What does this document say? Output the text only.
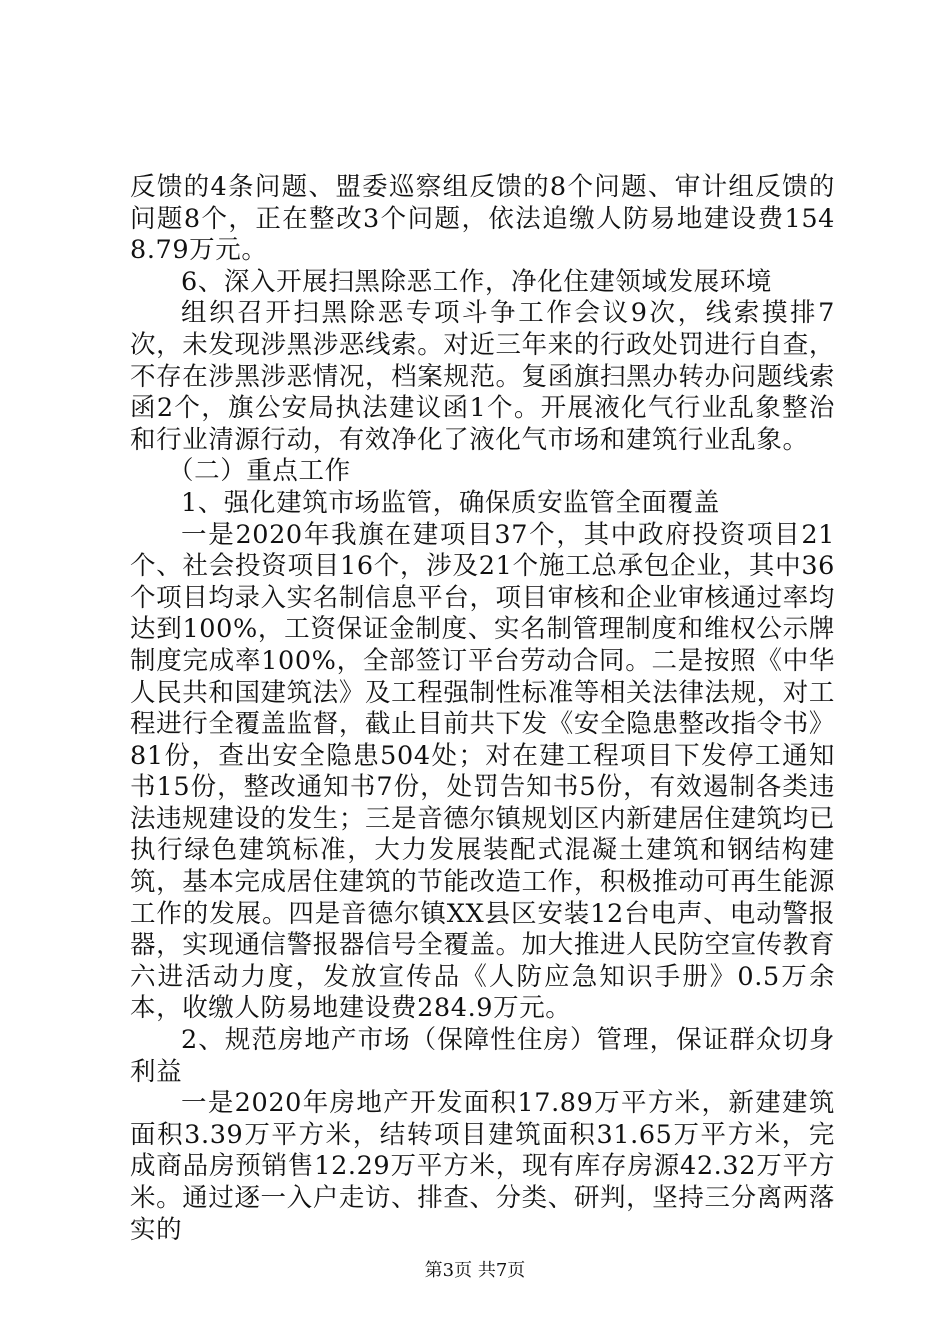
反馈的4条问题、盟委巡察组反馈的8个问题、审计组反馈的问题8个，正在整改3个问题，依法追缴人防易地建设费1548.79万元。

6、深入开展扫黑除恶工作，净化住建领域发展环境

组织召开扫黑除恶专项斗争工作会议9次，线索摸排7次，未发现涉黑涉恶线索。对近三年来的行政处罚进行自查，不存在涉黑涉恶情况，档案规范。复函旗扫黑办转办问题线索函2个，旗公安局执法建议函1个。开展液化气行业乱象整治和行业清源行动，有效净化了液化气市场和建筑行业乱象。

（二）重点工作

1、强化建筑市场监管，确保质安监管全面覆盖

一是2020年我旗在建项目37个，其中政府投资项目21个、社会投资项目16个，涉及21个施工总承包企业，其中36个项目均录入实名制信息平台，项目审核和企业审核通过率均达到100%，工资保证金制度、实名制管理制度和维权公示牌制度完成率100%，全部签订平台劳动合同。二是按照《中华人民共和国建筑法》及工程强制性标准等相关法律法规，对工程进行全覆盖监督，截止目前共下发《安全隐患整改指令书》81份，查出安全隐患504处；对在建工程项目下发停工通知书15份，整改通知书7份，处罚告知书5份，有效遏制各类违法违规建设的发生；三是音德尔镇规划区内新建居住建筑均已执行绿色建筑标准，大力发展装配式混凝土建筑和钢结构建筑，基本完成居住建筑的节能改造工作，积极推动可再生能源工作的发展。四是音德尔镇XX县区安装12台电声、电动警报器，实现通信警报器信号全覆盖。加大推进人民防空宣传教育六进活动力度，发放宣传品《人防应急知识手册》0.5万余本，收缴人防易地建设费284.9万元。

2、规范房地产市场（保障性住房）管理，保证群众切身利益

一是2020年房地产开发面积17.89万平方米，新建建筑面积3.39万平方米，结转项目建筑面积31.65万平方米，完成商品房预销售12.29万平方米，现有库存房源42.32万平方米。通过逐一入户走访、排查、分类、研判，坚持三分离两落实的

第3页 共7页
